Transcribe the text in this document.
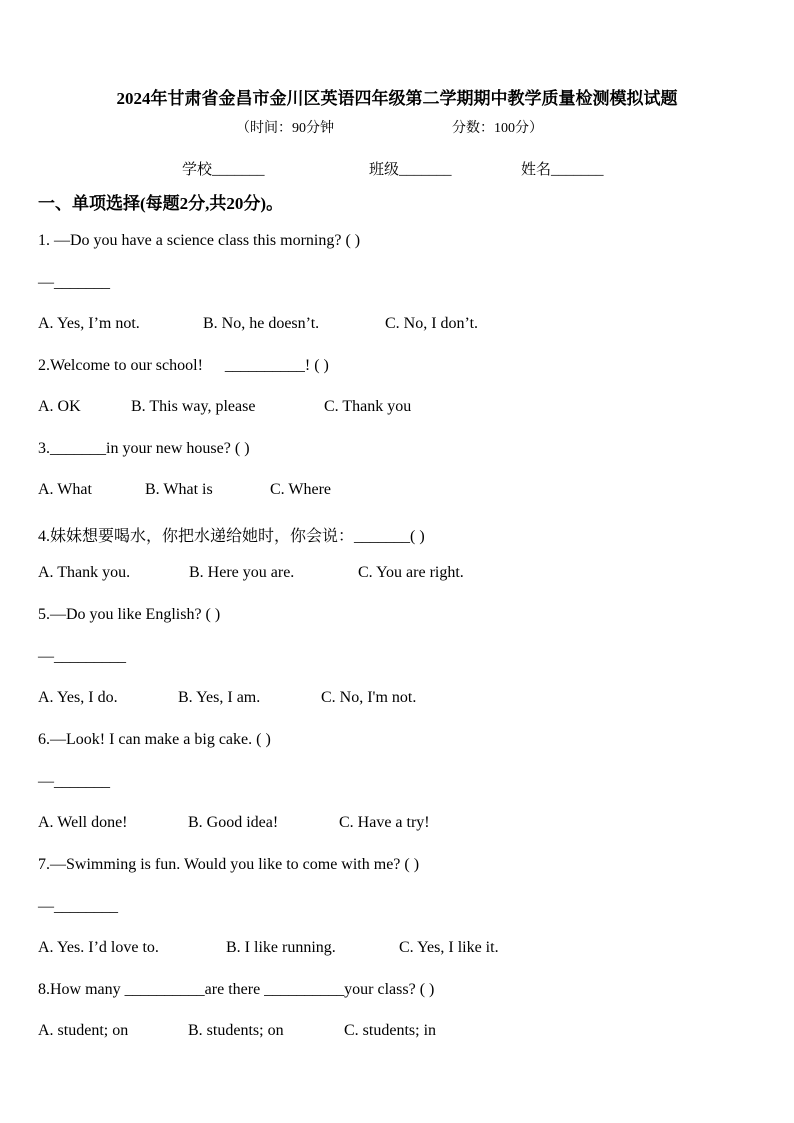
2024年甘肃省金昌市金川区英语四年级第二学期期中教学质量检测模拟试题
（时间：90分钟	分数：100分）
学校_______	班级_______	姓名_______
一、单项选择(每题2分,共20分)。
1. —Do you have a science class this morning? ( )
—_______
A. Yes, I’m not.	B. No, he doesn’t.	C. No, I don’t.
2.Welcome to our school! __________! ( )
A. OK	B. This way, please	C. Thank you
3._______in your new house? ( )
A. What	B. What is	C. Where
4.妹妹想要喝水，你把水递给她时，你会说：_______( )
A. Thank you.	B. Here you are.	C. You are right.
5.—Do you like English? ( )
—_________
A. Yes, I do.	B. Yes, I am.	C. No, I'm not.
6.—Look! I can make a big cake. ( )
—_______
A. Well done!	B. Good idea!	C. Have a try!
7.—Swimming is fun. Would you like to come with me? ( )
—________
A. Yes. I’d love to.	B. I like running.	C. Yes, I like it.
8.How many __________are there __________your class? ( )
A. student; on	B. students; on	C. students; in
